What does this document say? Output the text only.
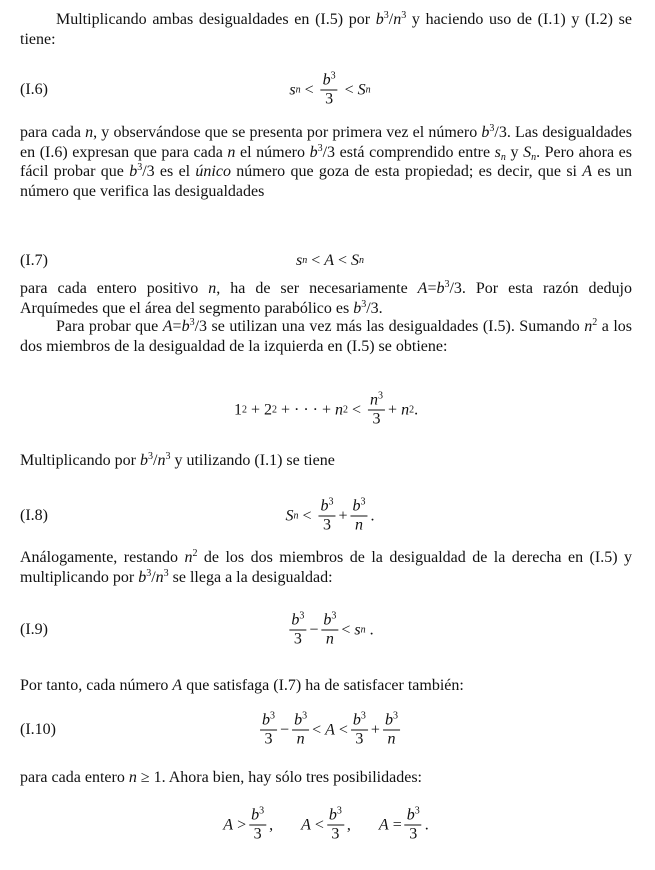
Multiplicando ambas desigualdades en (I.5) por $b^3/n^3$ y haciendo uso de (I.1) y (I.2) se tiene:
(I.6)	s $n < \frac{b^3}{3} < S$ n
para cada n, y observándose que se presenta por primera vez el número $b^3/3$. Las desigualdades en (I.6) expresan que para cada n el número $b^3/3$ está comprendido entre $s_n$ y $S_n$. Pero ahora es fácil probar que $b^3/3$ es el único número que goza de esta propiedad; es decir, que si A es un número que verifica las desigualdades
(I.7)	s n < A < S n
para cada entero positivo n, ha de ser necesariamente $A=b^3/3$. Por esta razón dedujo Arquímedes que el área del segmento parabólico es $b^3/3$.
Para probar que $A=b^3/3$ se utilizan una vez más las desigualdades (I.5). Sumando $n^2$ a los dos miembros de la desigualdad de la izquierda en (I.5) se obtiene:
1 2 + 2 2 + · · · + n $2 < \frac{n^3}{3} + n$ 2 .
Multiplicando por $b^3/n^3$ y utilizando (I.1) se tiene
(I.8)	S $n < \frac{b^3}{3} + \frac{b^3}{n}$ .
Análogamente, restando $n^2$ de los dos miembros de la desigualdad de la derecha en (I.5) y multiplicando por $b^3/n^3$ se llega a la desigualdad:
(I.9)	$\frac{b^3}{3} - \frac{b^3}{n} < s$ n .
Por tanto, cada número A que satisfaga (I.7) ha de satisfacer también:
(I.10)	$\frac{b^3}{3} - \frac{b^3}{n} < A < \frac{b^3}{3} + \frac{b^3}{n}$
para cada entero n ≥ 1. Ahora bien, hay sólo tres posibilidades:
$A > \frac{b^3}{3}$ , $A < \frac{b^3}{3}$ , $A = \frac{b^3}{3}$ .
